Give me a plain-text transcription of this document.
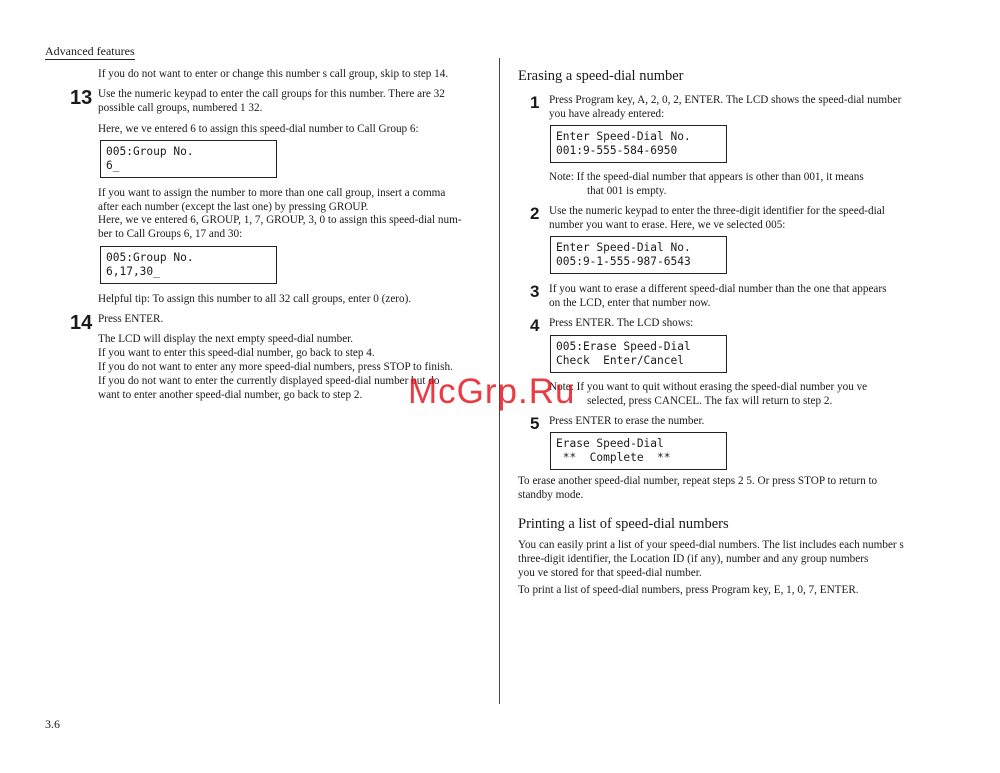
Advanced features
If you do not want to enter or change this number s call group, skip to step 14.
13 Use the numeric keypad to enter the call groups for this number. There are 32
possible call groups, numbered 1 32.
Here, we ve entered 6 to assign this speed-dial number to Call Group 6:
005:Group No.
6_
If you want to assign the number to more than one call group, insert a comma
after each number (except the last one) by pressing GROUP.
Here, we ve entered 6, GROUP, 1, 7, GROUP, 3, 0 to assign this speed-dial num-
ber to Call Groups 6, 17 and 30:
005:Group No.
6,17,30_
Helpful tip: To assign this number to all 32 call groups, enter 0 (zero).
14 Press ENTER.
The LCD will display the next empty speed-dial number.
If you want to enter this speed-dial number, go back to step 4.
If you do not want to enter any more speed-dial numbers, press STOP to finish.
If you do not want to enter the currently displayed speed-dial number but do
want to enter another speed-dial number, go back to step 2.
Erasing a speed-dial number
1 Press Program key, A, 2, 0, 2, ENTER. The LCD shows the speed-dial number
you have already entered:
Enter Speed-Dial No.
001:9-555-584-6950
Note: If the speed-dial number that appears is other than 001, it means
that 001 is empty.
2 Use the numeric keypad to enter the three-digit identifier for the speed-dial
number you want to erase. Here, we ve selected 005:
Enter Speed-Dial No.
005:9-1-555-987-6543
3 If you want to erase a different speed-dial number than the one that appears
on the LCD, enter that number now.
4 Press ENTER. The LCD shows:
005:Erase Speed-Dial
Check  Enter/Cancel
Note: If you want to quit without erasing the speed-dial number you ve
selected, press CANCEL. The fax will return to step 2.
5 Press ENTER to erase the number.
Erase Speed-Dial
**  Complete  **
To erase another speed-dial number, repeat steps 2 5. Or press STOP to return to
standby mode.
Printing a list of speed-dial numbers
You can easily print a list of your speed-dial numbers. The list includes each number s
three-digit identifier, the Location ID (if any), number and any group numbers
you ve stored for that speed-dial number.
To print a list of speed-dial numbers, press Program key, E, 1, 0, 7, ENTER.
3.6
McGrp.Ru
